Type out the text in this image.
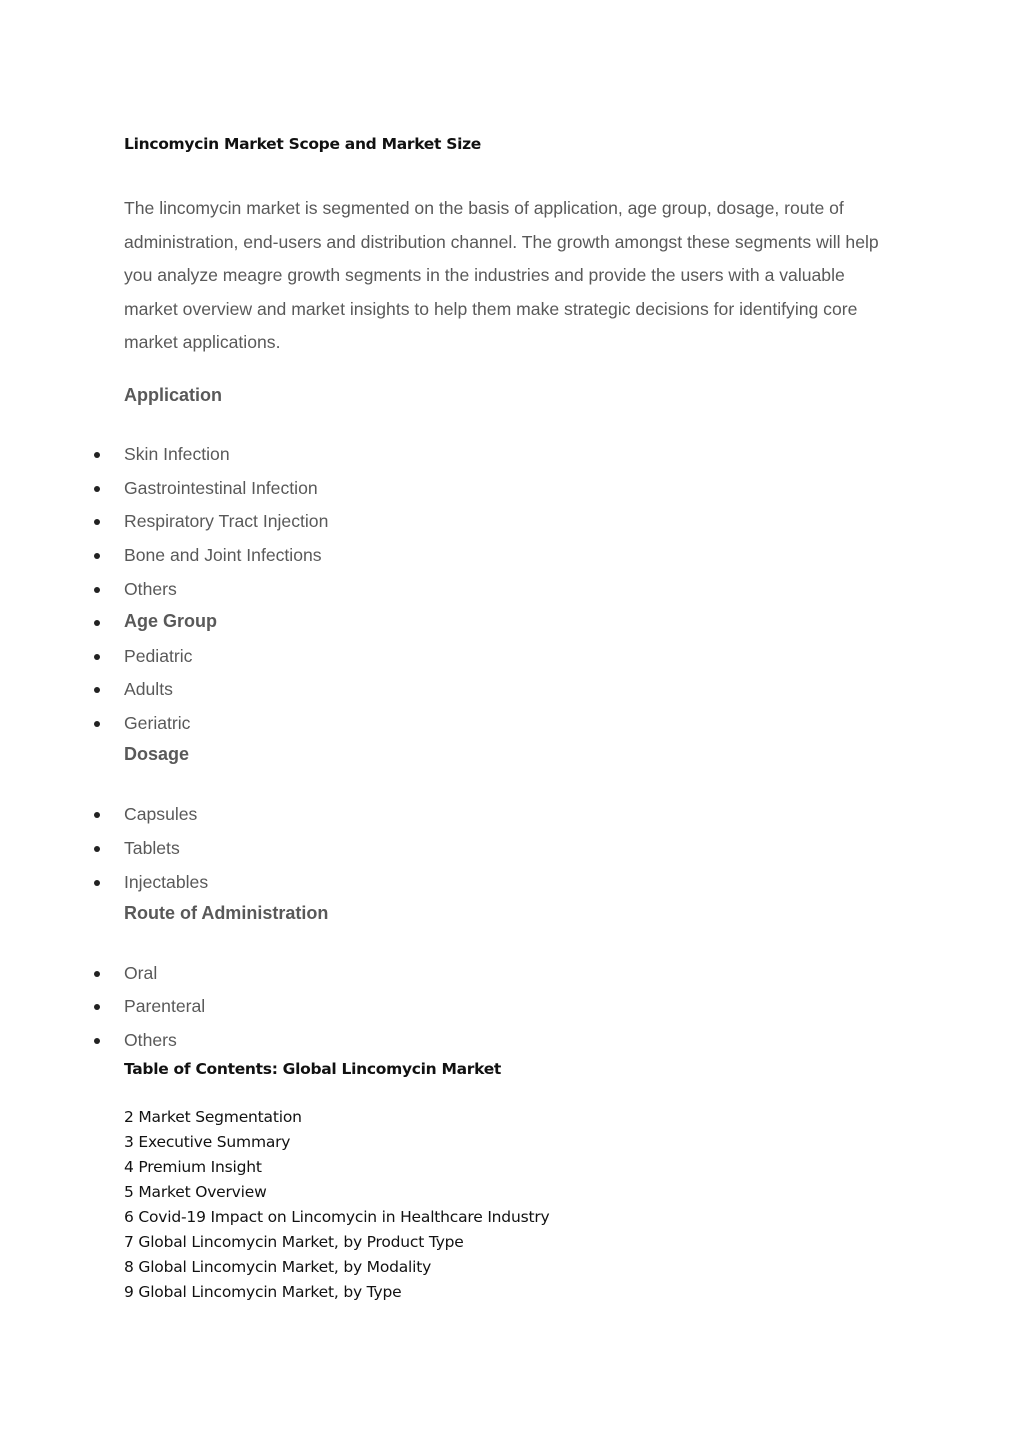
Lincomycin Market Scope and Market Size
The lincomycin market is segmented on the basis of application, age group, dosage, route of
administration, end-users and distribution channel. The growth amongst these segments will help
you analyze meagre growth segments in the industries and provide the users with a valuable
market overview and market insights to help them make strategic decisions for identifying core
market applications.
Application
Skin Infection
Gastrointestinal Infection
Respiratory Tract Injection
Bone and Joint Infections
Others
Age Group
Pediatric
Adults
Geriatric
Dosage
Capsules
Tablets
Injectables
Route of Administration
Oral
Parenteral
Others
Table of Contents: Global Lincomycin Market
2 Market Segmentation
3 Executive Summary
4 Premium Insight
5 Market Overview
6 Covid-19 Impact on Lincomycin in Healthcare Industry
7 Global Lincomycin Market, by Product Type
8 Global Lincomycin Market, by Modality
9 Global Lincomycin Market, by Type
